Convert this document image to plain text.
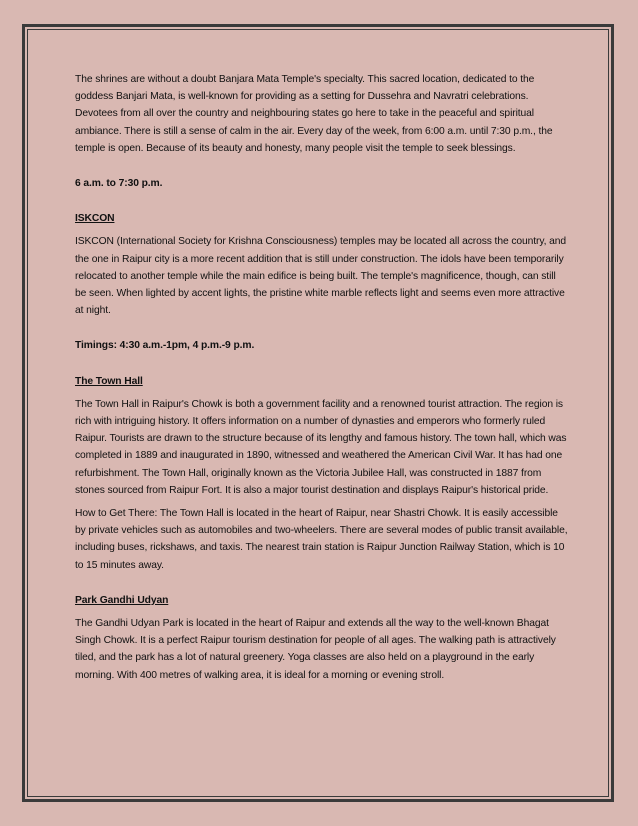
The shrines are without a doubt Banjara Mata Temple's specialty. This sacred location, dedicated to the goddess Banjari Mata, is well-known for providing as a setting for Dussehra and Navratri celebrations. Devotees from all over the country and neighbouring states go here to take in the peaceful and spiritual ambiance. There is still a sense of calm in the air. Every day of the week, from 6:00 a.m. until 7:30 p.m., the temple is open. Because of its beauty and honesty, many people visit the temple to seek blessings.

6 a.m. to 7:30 p.m.

ISKCON

ISKCON (International Society for Krishna Consciousness) temples may be located all across the country, and the one in Raipur city is a more recent addition that is still under construction. The idols have been temporarily relocated to another temple while the main edifice is being built. The temple's magnificence, though, can still be seen. When lighted by accent lights, the pristine white marble reflects light and seems even more attractive at night.

Timings: 4:30 a.m.-1pm, 4 p.m.-9 p.m.

The Town Hall

The Town Hall in Raipur's Chowk is both a government facility and a renowned tourist attraction. The region is rich with intriguing history. It offers information on a number of dynasties and emperors who formerly ruled Raipur. Tourists are drawn to the structure because of its lengthy and famous history. The town hall, which was completed in 1889 and inaugurated in 1890, witnessed and weathered the American Civil War. It has had one refurbishment. The Town Hall, originally known as the Victoria Jubilee Hall, was constructed in 1887 from stones sourced from Raipur Fort. It is also a major tourist destination and displays Raipur's historical pride.

How to Get There: The Town Hall is located in the heart of Raipur, near Shastri Chowk. It is easily accessible by private vehicles such as automobiles and two-wheelers. There are several modes of public transit available, including buses, rickshaws, and taxis. The nearest train station is Raipur Junction Railway Station, which is 10 to 15 minutes away.

Park Gandhi Udyan

The Gandhi Udyan Park is located in the heart of Raipur and extends all the way to the well-known Bhagat Singh Chowk. It is a perfect Raipur tourism destination for people of all ages. The walking path is attractively tiled, and the park has a lot of natural greenery. Yoga classes are also held on a playground in the early morning. With 400 metres of walking area, it is ideal for a morning or evening stroll.
